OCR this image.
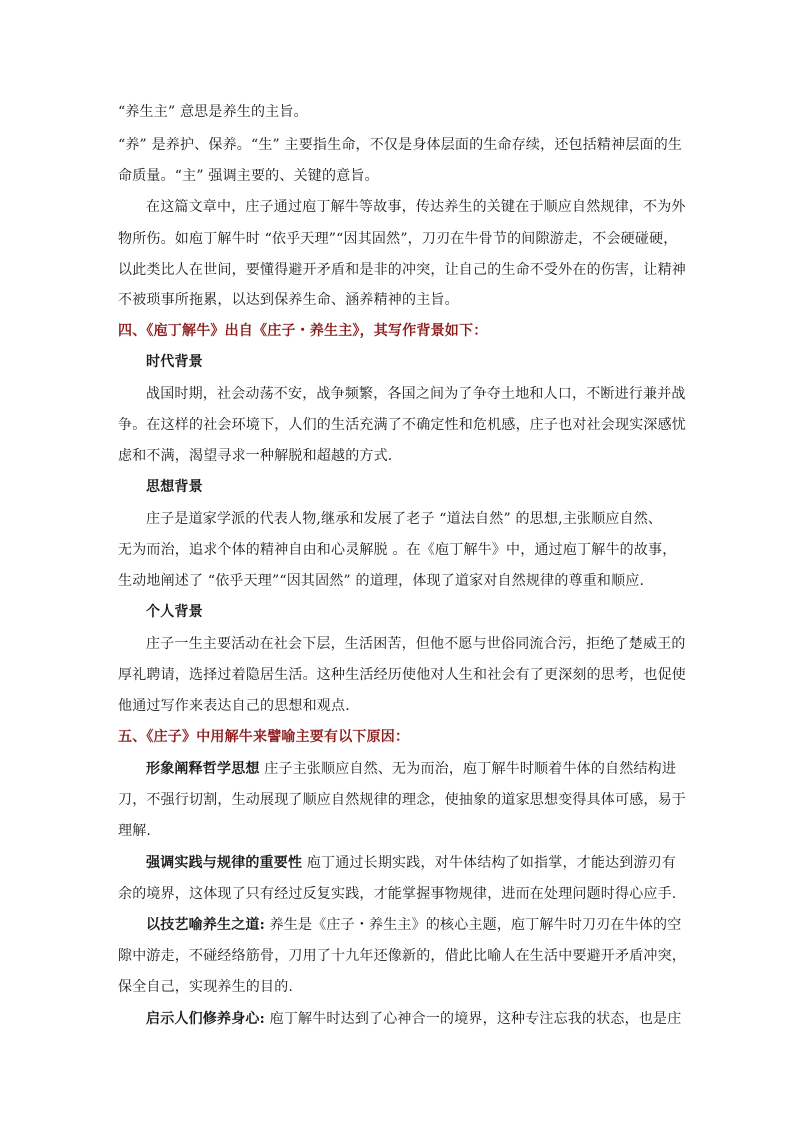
“养生主” 意思是养生的主旨。
“养” 是养护、保养。“生” 主要指生命，不仅是身体层面的生命存续，还包括精神层面的生
命质量。“主” 强调主要的、关键的意旨。
在这篇文章中，庄子通过庖丁解牛等故事，传达养生的关键在于顺应自然规律，不为外
物所伤。如庖丁解牛时 “依乎天理”“因其固然”，刀刃在牛骨节的间隙游走，不会硬碰硬，
以此类比人在世间，要懂得避开矛盾和是非的冲突，让自己的生命不受外在的伤害，让精神
不被琐事所拖累，以达到保养生命、涵养精神的主旨。
四、《庖丁解牛》出自《庄子・养生主》，其写作背景如下：
时代背景
战国时期，社会动荡不安，战争频繁，各国之间为了争夺土地和人口，不断进行兼并战
争。在这样的社会环境下，人们的生活充满了不确定性和危机感，庄子也对社会现实深感忧
虑和不满，渴望寻求一种解脱和超越的方式.
思想背景
庄子是道家学派的代表人物,继承和发展了老子 “道法自然” 的思想,主张顺应自然、
无为而治，追求个体的精神自由和心灵解脱 。在《庖丁解牛》中，通过庖丁解牛的故事，
生动地阐述了 “依乎天理”“因其固然” 的道理，体现了道家对自然规律的尊重和顺应.
个人背景
庄子一生主要活动在社会下层，生活困苦，但他不愿与世俗同流合污，拒绝了楚威王的
厚礼聘请，选择过着隐居生活。这种生活经历使他对人生和社会有了更深刻的思考，也促使
他通过写作来表达自己的思想和观点.
五、《庄子》中用解牛来譬喻主要有以下原因：
形象阐释哲学思想 庄子主张顺应自然、无为而治，庖丁解牛时顺着牛体的自然结构进
刀，不强行切割，生动展现了顺应自然规律的理念，使抽象的道家思想变得具体可感，易于
理解.
强调实践与规律的重要性 庖丁通过长期实践，对牛体结构了如指掌，才能达到游刃有
余的境界，这体现了只有经过反复实践，才能掌握事物规律，进而在处理问题时得心应手.
以技艺喻养生之道: 养生是《庄子・养生主》的核心主题，庖丁解牛时刀刃在牛体的空
隙中游走，不碰经络筋骨，刀用了十九年还像新的，借此比喻人在生活中要避开矛盾冲突，
保全自己，实现养生的目的.
启示人们修养身心: 庖丁解牛时达到了心神合一的境界，这种专注忘我的状态，也是庄
